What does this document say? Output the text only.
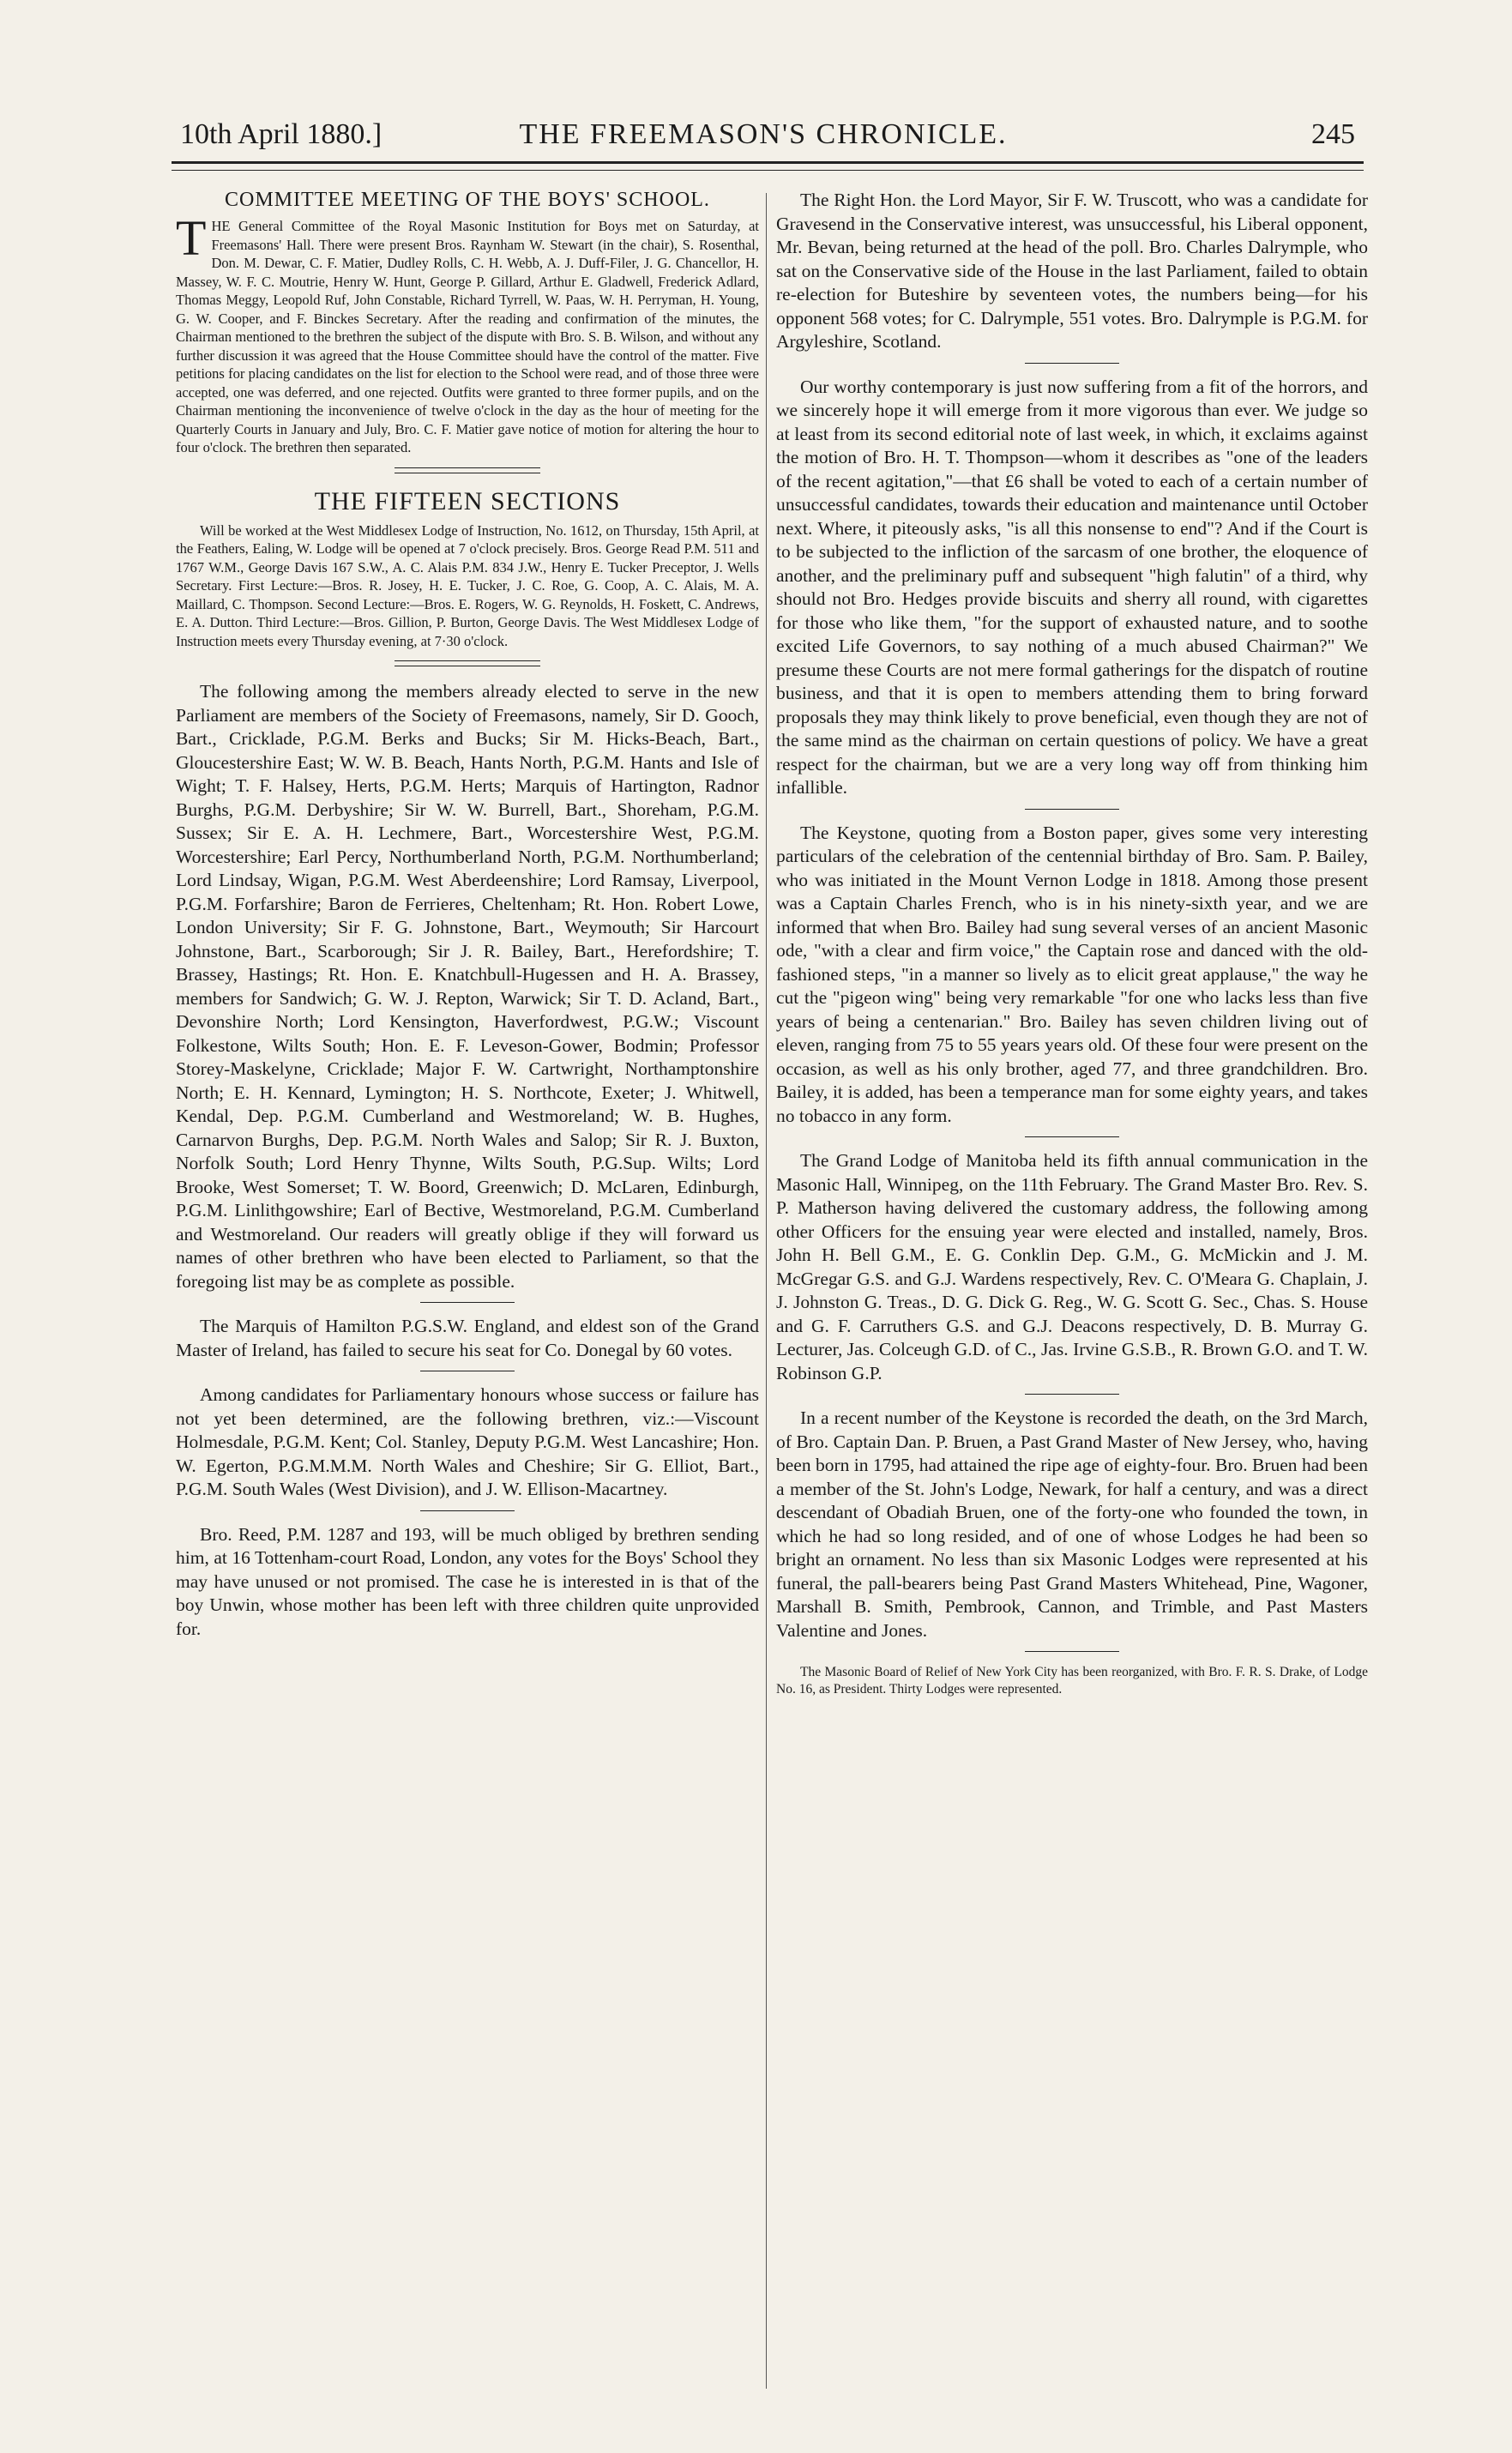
10th April 1880.]	THE FREEMASON'S CHRONICLE.	245
COMMITTEE MEETING OF THE BOYS' SCHOOL.

THE General Committee of the Royal Masonic Institution for Boys met on Saturday, at Freemasons' Hall. There were present Bros. Raynham W. Stewart (in the chair), S. Rosenthal, Don. M. Dewar, C. F. Matier, Dudley Rolls, C. H. Webb, A. J. Duff-Filer, J. G. Chancellor, H. Massey, W. F. C. Moutrie, Henry W. Hunt, George P. Gillard, Arthur E. Gladwell, Frederick Adlard, Thomas Meggy, Leopold Ruf, John Constable, Richard Tyrrell, W. Paas, W. H. Perryman, H. Young, G. W. Cooper, and F. Binckes Secretary. After the reading and confirmation of the minutes, the Chairman mentioned to the brethren the subject of the dispute with Bro. S. B. Wilson, and without any further discussion it was agreed that the House Committee should have the control of the matter. Five petitions for placing candidates on the list for election to the School were read, and of those three were accepted, one was deferred, and one rejected. Outfits were granted to three former pupils, and on the Chairman mentioning the inconvenience of twelve o'clock in the day as the hour of meeting for the Quarterly Courts in January and July, Bro. C. F. Matier gave notice of motion for altering the hour to four o'clock. The brethren then separated.

THE FIFTEEN SECTIONS

Will be worked at the West Middlesex Lodge of Instruction, No. 1612, on Thursday, 15th April, at the Feathers, Ealing, W. Lodge will be opened at 7 o'clock precisely. Bros. George Read P.M. 511 and 1767 W.M., George Davis 167 S.W., A. C. Alais P.M. 834 J.W., Henry E. Tucker Preceptor, J. Wells Secretary. First Lecture:—Bros. R. Josey, H. E. Tucker, J. C. Roe, G. Coop, A. C. Alais, M. A. Maillard, C. Thompson. Second Lecture:—Bros. E. Rogers, W. G. Reynolds, H. Foskett, C. Andrews, E. A. Dutton. Third Lecture:—Bros. Gillion, P. Burton, George Davis. The West Middlesex Lodge of Instruction meets every Thursday evening, at 7·30 o'clock.

The following among the members already elected to serve in the new Parliament are members of the Society of Freemasons, namely, Sir D. Gooch, Bart., Cricklade, P.G.M. Berks and Bucks; Sir M. Hicks-Beach, Bart., Gloucestershire East; W. W. B. Beach, Hants North, P.G.M. Hants and Isle of Wight; T. F. Halsey, Herts, P.G.M. Herts; Marquis of Hartington, Radnor Burghs, P.G.M. Derbyshire; Sir W. W. Burrell, Bart., Shoreham, P.G.M. Sussex; Sir E. A. H. Lechmere, Bart., Worcestershire West, P.G.M. Worcestershire; Earl Percy, Northumberland North, P.G.M. Northumberland; Lord Lindsay, Wigan, P.G.M. West Aberdeenshire; Lord Ramsay, Liverpool, P.G.M. Forfarshire; Baron de Ferrieres, Cheltenham; Rt. Hon. Robert Lowe, London University; Sir F. G. Johnstone, Bart., Weymouth; Sir Harcourt Johnstone, Bart., Scarborough; Sir J. R. Bailey, Bart., Herefordshire; T. Brassey, Hastings; Rt. Hon. E. Knatchbull-Hugessen and H. A. Brassey, members for Sandwich; G. W. J. Repton, Warwick; Sir T. D. Acland, Bart., Devonshire North; Lord Kensington, Haverfordwest, P.G.W.; Viscount Folkestone, Wilts South; Hon. E. F. Leveson-Gower, Bodmin; Professor Storey-Maskelyne, Cricklade; Major F. W. Cartwright, Northamptonshire North; E. H. Kennard, Lymington; H. S. Northcote, Exeter; J. Whitwell, Kendal, Dep. P.G.M. Cumberland and Westmoreland; W. B. Hughes, Carnarvon Burghs, Dep. P.G.M. North Wales and Salop; Sir R. J. Buxton, Norfolk South; Lord Henry Thynne, Wilts South, P.G.Sup. Wilts; Lord Brooke, West Somerset; T. W. Boord, Greenwich; D. McLaren, Edinburgh, P.G.M. Linlithgowshire; Earl of Bective, Westmoreland, P.G.M. Cumberland and Westmoreland. Our readers will greatly oblige if they will forward us names of other brethren who have been elected to Parliament, so that the foregoing list may be as complete as possible.

The Marquis of Hamilton P.G.S.W. England, and eldest son of the Grand Master of Ireland, has failed to secure his seat for Co. Donegal by 60 votes.

Among candidates for Parliamentary honours whose success or failure has not yet been determined, are the following brethren, viz.:—Viscount Holmesdale, P.G.M. Kent; Col. Stanley, Deputy P.G.M. West Lancashire; Hon. W. Egerton, P.G.M.M.M. North Wales and Cheshire; Sir G. Elliot, Bart., P.G.M. South Wales (West Division), and J. W. Ellison-Macartney.

Bro. Reed, P.M. 1287 and 193, will be much obliged by brethren sending him, at 16 Tottenham-court Road, London, any votes for the Boys' School they may have unused or not promised. The case he is interested in is that of the boy Unwin, whose mother has been left with three children quite unprovided for.

The Right Hon. the Lord Mayor, Sir F. W. Truscott, who was a candidate for Gravesend in the Conservative interest, was unsuccessful, his Liberal opponent, Mr. Bevan, being returned at the head of the poll. Bro. Charles Dalrymple, who sat on the Conservative side of the House in the last Parliament, failed to obtain re-election for Buteshire by seventeen votes, the numbers being—for his opponent 568 votes; for C. Dalrymple, 551 votes. Bro. Dalrymple is P.G.M. for Argyleshire, Scotland.

Our worthy contemporary is just now suffering from a fit of the horrors, and we sincerely hope it will emerge from it more vigorous than ever. We judge so at least from its second editorial note of last week, in which, it exclaims against the motion of Bro. H. T. Thompson—whom it describes as "one of the leaders of the recent agitation,"—that £6 shall be voted to each of a certain number of unsuccessful candidates, towards their education and maintenance until October next. Where, it piteously asks, "is all this nonsense to end"? And if the Court is to be subjected to the infliction of the sarcasm of one brother, the eloquence of another, and the preliminary puff and subsequent "high falutin" of a third, why should not Bro. Hedges provide biscuits and sherry all round, with cigarettes for those who like them, "for the support of exhausted nature, and to soothe excited Life Governors, to say nothing of a much abused Chairman?" We presume these Courts are not mere formal gatherings for the dispatch of routine business, and that it is open to members attending them to bring forward proposals they may think likely to prove beneficial, even though they are not of the same mind as the chairman on certain questions of policy. We have a great respect for the chairman, but we are a very long way off from thinking him infallible.

The Keystone, quoting from a Boston paper, gives some very interesting particulars of the celebration of the centennial birthday of Bro. Sam. P. Bailey, who was initiated in the Mount Vernon Lodge in 1818. Among those present was a Captain Charles French, who is in his ninety-sixth year, and we are informed that when Bro. Bailey had sung several verses of an ancient Masonic ode, "with a clear and firm voice," the Captain rose and danced with the old-fashioned steps, "in a manner so lively as to elicit great applause," the way he cut the "pigeon wing" being very remarkable "for one who lacks less than five years of being a centenarian." Bro. Bailey has seven children living out of eleven, ranging from 75 to 55 years years old. Of these four were present on the occasion, as well as his only brother, aged 77, and three grandchildren. Bro. Bailey, it is added, has been a temperance man for some eighty years, and takes no tobacco in any form.

The Grand Lodge of Manitoba held its fifth annual communication in the Masonic Hall, Winnipeg, on the 11th February. The Grand Master Bro. Rev. S. P. Matherson having delivered the customary address, the following among other Officers for the ensuing year were elected and installed, namely, Bros. John H. Bell G.M., E. G. Conklin Dep. G.M., G. McMickin and J. M. McGregar G.S. and G.J. Wardens respectively, Rev. C. O'Meara G. Chaplain, J. J. Johnston G. Treas., D. G. Dick G. Reg., W. G. Scott G. Sec., Chas. S. House and G. F. Carruthers G.S. and G.J. Deacons respectively, D. B. Murray G. Lecturer, Jas. Colceugh G.D. of C., Jas. Irvine G.S.B., R. Brown G.O. and T. W. Robinson G.P.

In a recent number of the Keystone is recorded the death, on the 3rd March, of Bro. Captain Dan. P. Bruen, a Past Grand Master of New Jersey, who, having been born in 1795, had attained the ripe age of eighty-four. Bro. Bruen had been a member of the St. John's Lodge, Newark, for half a century, and was a direct descendant of Obadiah Bruen, one of the forty-one who founded the town, in which he had so long resided, and of one of whose Lodges he had been so bright an ornament. No less than six Masonic Lodges were represented at his funeral, the pall-bearers being Past Grand Masters Whitehead, Pine, Wagoner, Marshall B. Smith, Pembrook, Cannon, and Trimble, and Past Masters Valentine and Jones.

The Masonic Board of Relief of New York City has been reorganized, with Bro. F. R. S. Drake, of Lodge No. 16, as President. Thirty Lodges were represented.
